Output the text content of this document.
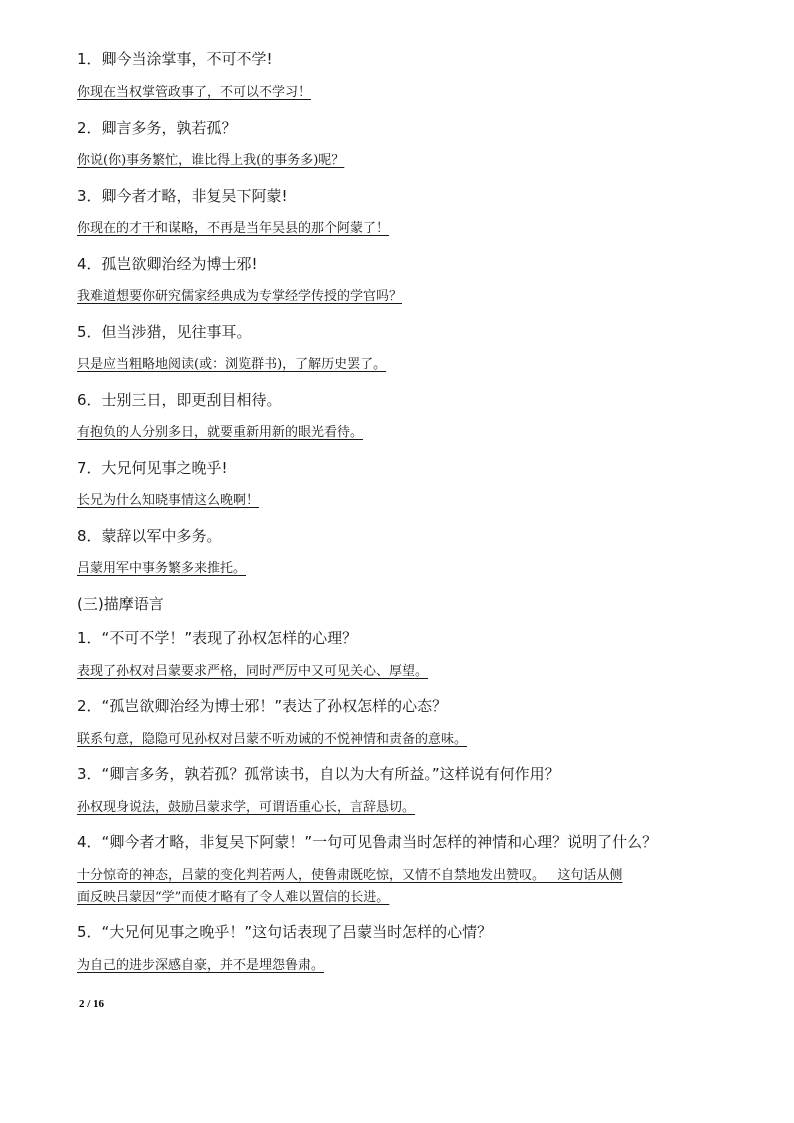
1．卿今当涂掌事，不可不学!
你现在当权掌管政事了，不可以不学习！
2．卿言多务，孰若孤？
你说(你)事务繁忙，谁比得上我(的事务多)呢？
3．卿今者才略，非复吴下阿蒙!
你现在的才干和谋略，不再是当年吴县的那个阿蒙了！
4．孤岂欲卿治经为博士邪!
我难道想要你研究儒家经典成为专掌经学传授的学官吗？
5．但当涉猎，见往事耳。
只是应当粗略地阅读(或：浏览群书)，了解历史罢了。
6．士别三日，即更刮目相待。
有抱负的人分别多日，就要重新用新的眼光看待。
7．大兄何见事之晚乎!
长兄为什么知晓事情这么晚啊！
8．蒙辞以军中多务。
吕蒙用军中事务繁多来推托。
(三)描摩语言
1．“不可不学！”表现了孙权怎样的心理？
表现了孙权对吕蒙要求严格，同时严厉中又可见关心、厚望。
2．“孤岂欲卿治经为博士邪！”表达了孙权怎样的心态？
联系句意，隐隐可见孙权对吕蒙不听劝诫的不悦神情和责备的意味。
3．“卿言多务，孰若孤？孤常读书，自以为大有所益。”这样说有何作用？
孙权现身说法，鼓励吕蒙求学，可谓语重心长，言辞恳切。
4．“卿今者才略，非复吴下阿蒙！”一句可见鲁肃当时怎样的神情和心理？说明了什么？
十分惊奇的神态，吕蒙的变化判若两人，使鲁肃既吃惊，又情不自禁地发出赞叹。   这句话从侧
面反映吕蒙因“学”而使才略有了令人难以置信的长进。
5．“大兄何见事之晚乎！”这句话表现了吕蒙当时怎样的心情？
为自己的进步深感自豪，并不是埋怨鲁肃。
2 / 16
